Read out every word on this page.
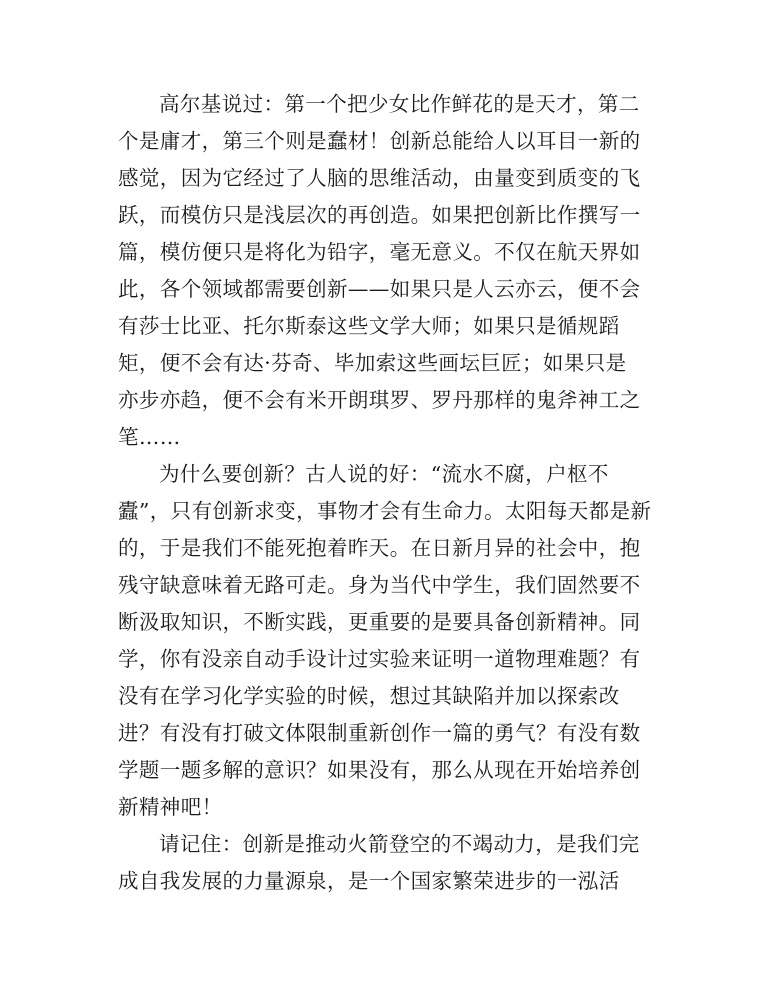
高尔基说过：第一个把少女比作鲜花的是天才，第二
个是庸才，第三个则是蠢材！创新总能给人以耳目一新的
感觉，因为它经过了人脑的思维活动，由量变到质变的飞
跃，而模仿只是浅层次的再创造。如果把创新比作撰写一
篇，模仿便只是将化为铅字，毫无意义。不仅在航天界如
此，各个领域都需要创新——如果只是人云亦云，便不会
有莎士比亚、托尔斯泰这些文学大师；如果只是循规蹈
矩，便不会有达·芬奇、毕加索这些画坛巨匠；如果只是
亦步亦趋，便不会有米开朗琪罗、罗丹那样的鬼斧神工之
笔……
为什么要创新？古人说的好：“流水不腐，户枢不
蠹”，只有创新求变，事物才会有生命力。太阳每天都是新
的，于是我们不能死抱着昨天。在日新月异的社会中，抱
残守缺意味着无路可走。身为当代中学生，我们固然要不
断汲取知识，不断实践，更重要的是要具备创新精神。同
学，你有没亲自动手设计过实验来证明一道物理难题？有
没有在学习化学实验的时候，想过其缺陷并加以探索改
进？有没有打破文体限制重新创作一篇的勇气？有没有数
学题一题多解的意识？如果没有，那么从现在开始培养创
新精神吧！
请记住：创新是推动火箭登空的不竭动力，是我们完
成自我发展的力量源泉，是一个国家繁荣进步的一泓活
